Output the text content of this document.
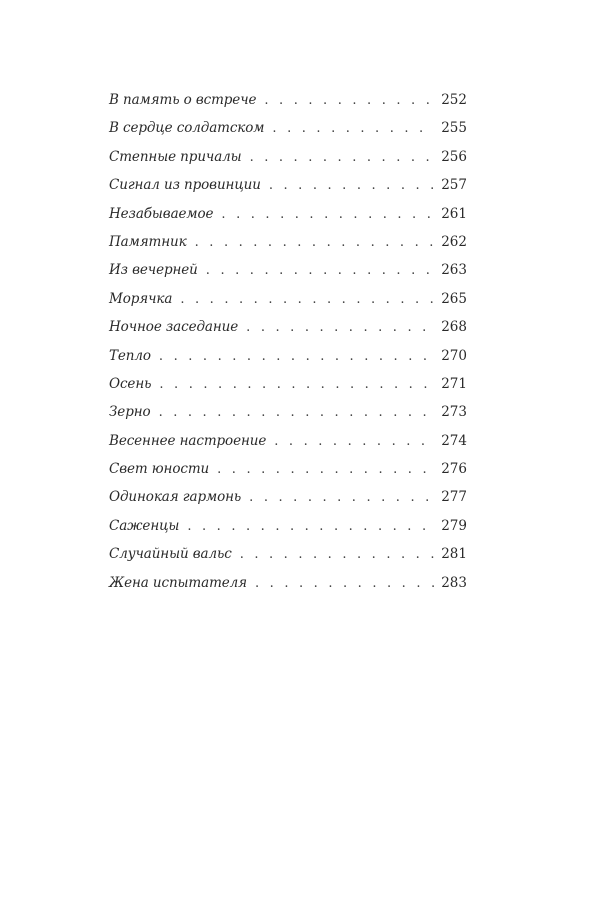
В память о встрече . . .	252
В сердце солдатском . . .	255
Степные причалы . . .	256
Сигнал из провинции . . .	257
Незабываемое . . .	261
Памятник . . .	262
Из вечерней . . .	263
Морячка . . .	265
Ночное заседание . . .	268
Тепло . . .	270
Осень . . .	271
Зерно . . .	273
Весеннее настроение . . .	274
Свет юности . . .	276
Одинокая гармонь . . .	277
Саженцы . . .	279
Случайный вальс . . .	281
Жена испытателя . . .	283
